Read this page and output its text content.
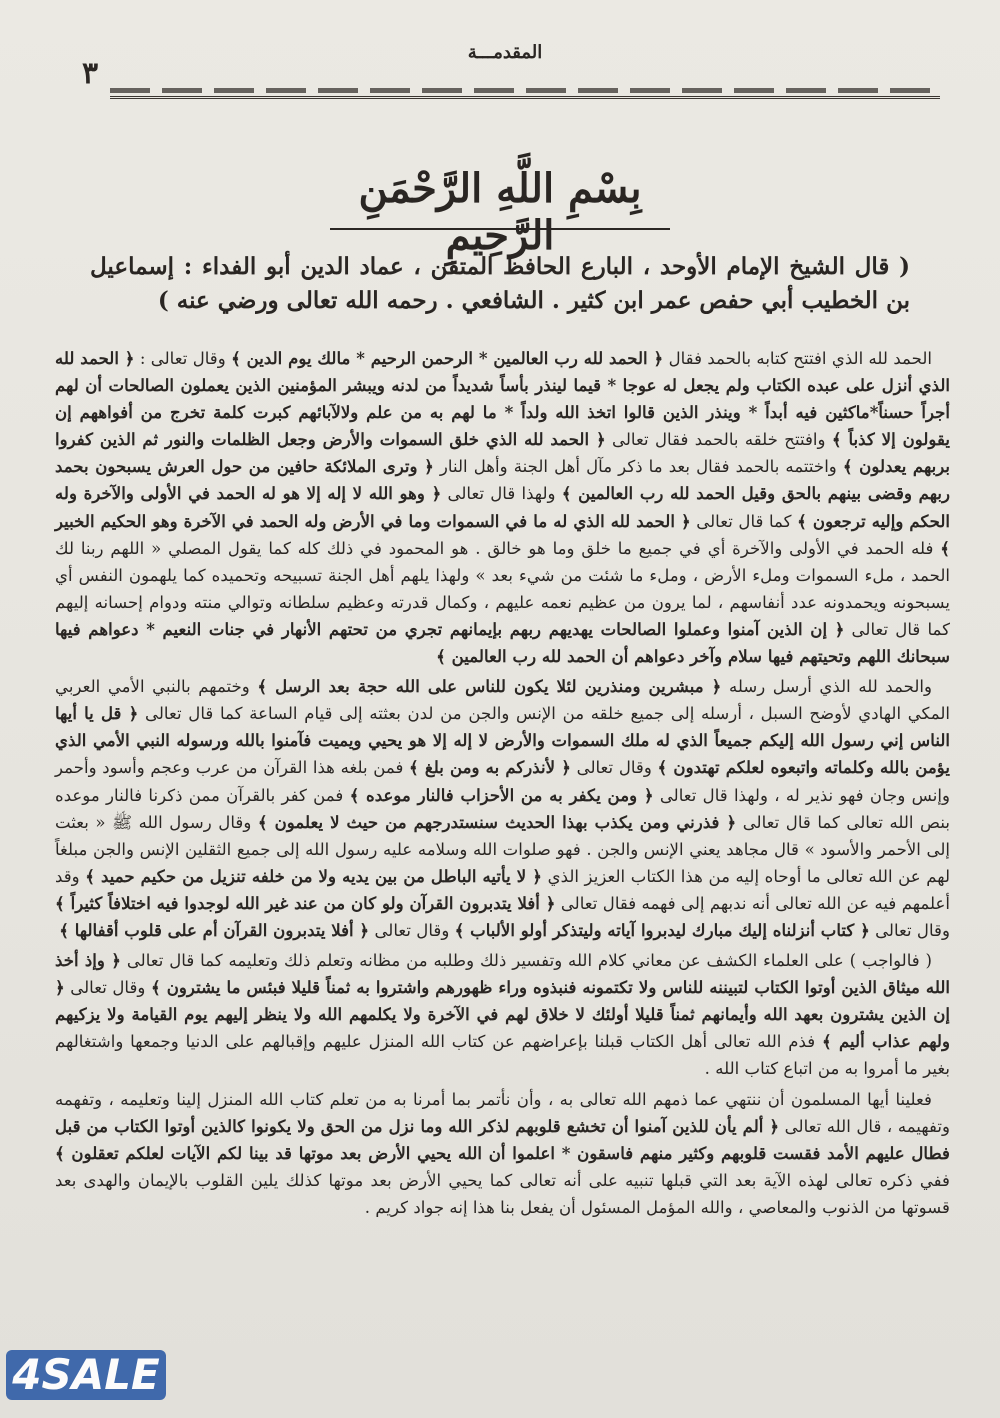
المقدمـــة
٣
بِسْمِ اللَّهِ الرَّحْمَنِ الرَّحِيمِ
( قال الشيخ الإمام الأوحد ، البارع الحافظ المتقن ، عماد الدين أبو الفداء : إسماعيل بن الخطيب أبي حفص عمر ابن كثير . الشافعي . رحمه الله تعالى ورضي عنه )

الحمد لله الذي افتتح كتابه بالحمد فقال ﴿ الحمد لله رب العالمين * الرحمن الرحيم * مالك يوم الدين ﴾ وقال تعالى : ﴿ الحمد لله الذي أنزل على عبده الكتاب ولم يجعل له عوجا * قيما لينذر بأساً شديداً من لدنه ويبشر المؤمنين الذين يعملون الصالحات أن لهم أجراً حسناً*ماكثين فيه أبداً * وينذر الذين قالوا اتخذ الله ولداً * ما لهم به من علم ولالآبائهم كبرت كلمة تخرج من أفواههم إن يقولون إلا كذباً ﴾ وافتتح خلقه بالحمد فقال تعالى ﴿ الحمد لله الذي خلق السموات والأرض وجعل الظلمات والنور ثم الذين كفروا بربهم يعدلون ﴾ واختتمه بالحمد فقال بعد ما ذكر مآل أهل الجنة وأهل النار ﴿ وترى الملائكة حافين من حول العرش يسبحون بحمد ربهم وقضى بينهم بالحق وقيل الحمد لله رب العالمين ﴾ ولهذا قال تعالى ﴿ وهو الله لا إله إلا هو له الحمد في الأولى والآخرة وله الحكم وإليه ترجعون ﴾ كما قال تعالى ﴿ الحمد لله الذي له ما في السموات وما في الأرض وله الحمد في الآخرة وهو الحكيم الخبير ﴾ فله الحمد في الأولى والآخرة أي في جميع ما خلق وما هو خالق . هو المحمود في ذلك كله كما يقول المصلي « اللهم ربنا لك الحمد ، ملء السموات وملء الأرض ، وملء ما شئت من شيء بعد » ولهذا يلهم أهل الجنة تسبيحه وتحميده كما يلهمون النفس أي يسبحونه ويحمدونه عدد أنفاسهم ، لما يرون من عظيم نعمه عليهم ، وكمال قدرته وعظيم سلطانه وتوالي منته ودوام إحسانه إليهم كما قال تعالى ﴿ إن الذين آمنوا وعملوا الصالحات يهديهم ربهم بإيمانهم تجري من تحتهم الأنهار في جنات النعيم * دعواهم فيها سبحانك اللهم وتحيتهم فيها سلام وآخر دعواهم أن الحمد لله رب العالمين ﴾

والحمد لله الذي أرسل رسله ﴿ مبشرين ومنذرين لئلا يكون للناس على الله حجة بعد الرسل ﴾ وختمهم بالنبي الأمي العربي المكي الهادي لأوضح السبل ، أرسله إلى جميع خلقه من الإنس والجن من لدن بعثته إلى قيام الساعة كما قال تعالى ﴿ قل يا أيها الناس إني رسول الله إليكم جميعاً الذي له ملك السموات والأرض لا إله إلا هو يحيي ويميت فآمنوا بالله ورسوله النبي الأمي الذي يؤمن بالله وكلماته واتبعوه لعلكم تهتدون ﴾ وقال تعالى ﴿ لأنذركم به ومن بلغ ﴾ فمن بلغه هذا القرآن من عرب وعجم وأسود وأحمر وإنس وجان فهو نذير له ، ولهذا قال تعالى ﴿ ومن يكفر به من الأحزاب فالنار موعده ﴾ فمن كفر بالقرآن ممن ذكرنا فالنار موعده بنص الله تعالى كما قال تعالى ﴿ فذرني ومن يكذب بهذا الحديث سنستدرجهم من حيث لا يعلمون ﴾ وقال رسول الله ﷺ « بعثت إلى الأحمر والأسود » قال مجاهد يعني الإنس والجن . فهو صلوات الله وسلامه عليه رسول الله إلى جميع الثقلين الإنس والجن مبلغاً لهم عن الله تعالى ما أوحاه إليه من هذا الكتاب العزيز الذي ﴿ لا يأتيه الباطل من بين يديه ولا من خلفه تنزيل من حكيم حميد ﴾ وقد أعلمهم فيه عن الله تعالى أنه ندبهم إلى فهمه فقال تعالى ﴿ أفلا يتدبرون القرآن ولو كان من عند غير الله لوجدوا فيه اختلافاً كثيراً ﴾ وقال تعالى ﴿ كتاب أنزلناه إليك مبارك ليدبروا آياته وليتذكر أولو الألباب ﴾ وقال تعالى ﴿ أفلا يتدبرون القرآن أم على قلوب أقفالها ﴾

( فالواجب ) على العلماء الكشف عن معاني كلام الله وتفسير ذلك وطلبه من مظانه وتعلم ذلك وتعليمه كما قال تعالى ﴿ وإذ أخذ الله ميثاق الذين أوتوا الكتاب لتبيننه للناس ولا تكتمونه فنبذوه وراء ظهورهم واشتروا به ثمناً قليلا فبئس ما يشترون ﴾ وقال تعالى ﴿ إن الذين يشترون بعهد الله وأيمانهم ثمناً قليلا أولئك لا خلاق لهم في الآخرة ولا يكلمهم الله ولا ينظر إليهم يوم القيامة ولا يزكيهم ولهم عذاب أليم ﴾ فذم الله تعالى أهل الكتاب قبلنا بإعراضهم عن كتاب الله المنزل عليهم وإقبالهم على الدنيا وجمعها واشتغالهم بغير ما أمروا به من اتباع كتاب الله .

فعلينا أيها المسلمون أن ننتهي عما ذمهم الله تعالى به ، وأن نأتمر بما أمرنا به من تعلم كتاب الله المنزل إلينا وتعليمه ، وتفهمه وتفهيمه ، قال الله تعالى ﴿ ألم يأن للذين آمنوا أن تخشع قلوبهم لذكر الله وما نزل من الحق ولا يكونوا كالذين أوتوا الكتاب من قبل فطال عليهم الأمد فقست قلوبهم وكثير منهم فاسقون * اعلموا أن الله يحيي الأرض بعد موتها قد بينا لكم الآيات لعلكم تعقلون ﴾ ففي ذكره تعالى لهذه الآية بعد التي قبلها تنبيه على أنه تعالى كما يحيي الأرض بعد موتها كذلك يلين القلوب بالإيمان والهدى بعد قسوتها من الذنوب والمعاصي ، والله المؤمل المسئول أن يفعل بنا هذا إنه جواد كريم .

4SALE
